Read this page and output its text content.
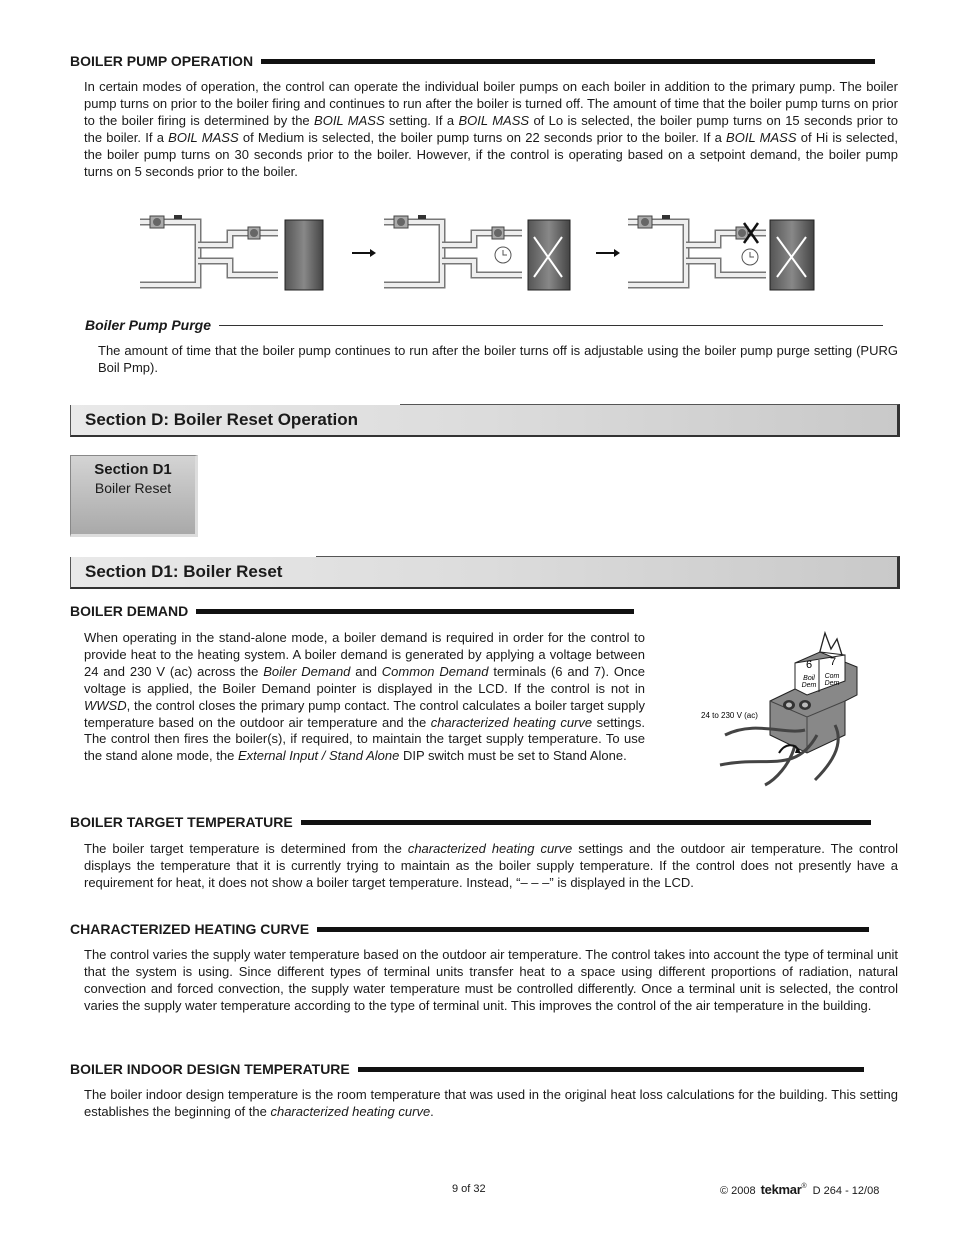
BOILER PUMP OPERATION
In certain modes of operation, the control can operate the individual boiler pumps on each boiler in addition to the primary pump. The boiler pump turns on prior to the boiler firing and continues to run after the boiler is turned off. The amount of time that the boiler pump turns on prior to the boiler firing is determined by the BOIL MASS setting. If a BOIL MASS of Lo is selected, the boiler pump turns on 15 seconds prior to the boiler. If a BOIL MASS of Medium is selected, the boiler pump turns on 22 seconds prior to the boiler. If a BOIL MASS of Hi is selected, the boiler pump turns on 30 seconds prior to the boiler. However, if the control is operating based on a setpoint demand, the boiler pump turns on 5 seconds prior to the boiler.
Boiler Pump Purge
The amount of time that the boiler pump continues to run after the boiler turns off is adjustable using the boiler pump purge setting (PURG Boil Pmp).
Section D: Boiler Reset Operation
Section D1
Boiler Reset
Section D1: Boiler Reset
BOILER DEMAND
When operating in the stand-alone mode, a boiler demand is required in order for the control to provide heat to the heating system. A boiler demand is generated by applying a voltage between 24 and 230 V (ac) across the Boiler Demand and Common Demand terminals (6 and 7). Once voltage is applied, the Boiler Demand pointer is displayed in the LCD. If the control is not in WWSD, the control closes the primary pump contact. The control calculates a boiler target supply temperature based on the outdoor air temperature and the characterized heating curve settings. The control then fires the boiler(s), if required, to maintain the target supply temperature. To use the stand alone mode, the External Input / Stand Alone DIP switch must be set to Stand Alone.
6 7
Boil
Dem
Com
Dem
24 to 230 V (ac)
BOILER TARGET TEMPERATURE
The boiler target temperature is determined from the characterized heating curve settings and the outdoor air temperature. The control displays the temperature that it is currently trying to maintain as the boiler supply temperature. If the control does not presently have a requirement for heat, it does not show a boiler target temperature. Instead, “– – –” is displayed in the LCD.
CHARACTERIZED HEATING CURVE
The control varies the supply water temperature based on the outdoor air temperature. The control takes into account the type of terminal unit that the system is using. Since different types of terminal units transfer heat to a space using different proportions of radiation, natural convection and forced convection, the supply water temperature must be controlled differently. Once a terminal unit is selected, the control varies the supply water temperature according to the type of terminal unit. This improves the control of the air temperature in the building.
BOILER INDOOR DESIGN TEMPERATURE
The boiler indoor design temperature is the room temperature that was used in the original heat loss calculations for the building. This setting establishes the beginning of the characterized heating curve.
9 of 32	© 2008 tekmar ® D 264 - 12/08
